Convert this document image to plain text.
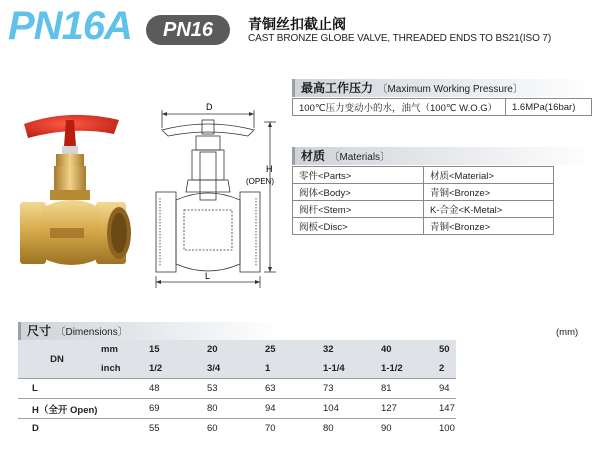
PN16A	PN16	青铜丝扣截止阀
CAST BRONZE GLOBE VALVE, THREADED ENDS TO BS21(ISO 7)
D
H
(OPEN)
L
最高工作压力 〔Maximum Working Pressure〕
100℃压力变动小的水，油气（100℃ W.O.G）	1.6MPa(16bar)
材质 〔Materials〕
零件<Parts>	材质<Material>
阀体<Body>	青铜<Bronze>
阀杆<Stem>	K-合金<K-Metal>
阀板<Disc>	青铜<Bronze>
尺寸 〔Dimensions〕	(mm)
DN	mm	15	20	25	32	40	50
	inch	1/2	3/4	1	1-1/4	1-1/2	2
L		48	53	63	73	81	94
H（全开 Open)		69	80	94	104	127	147
D		55	60	70	80	90	100
